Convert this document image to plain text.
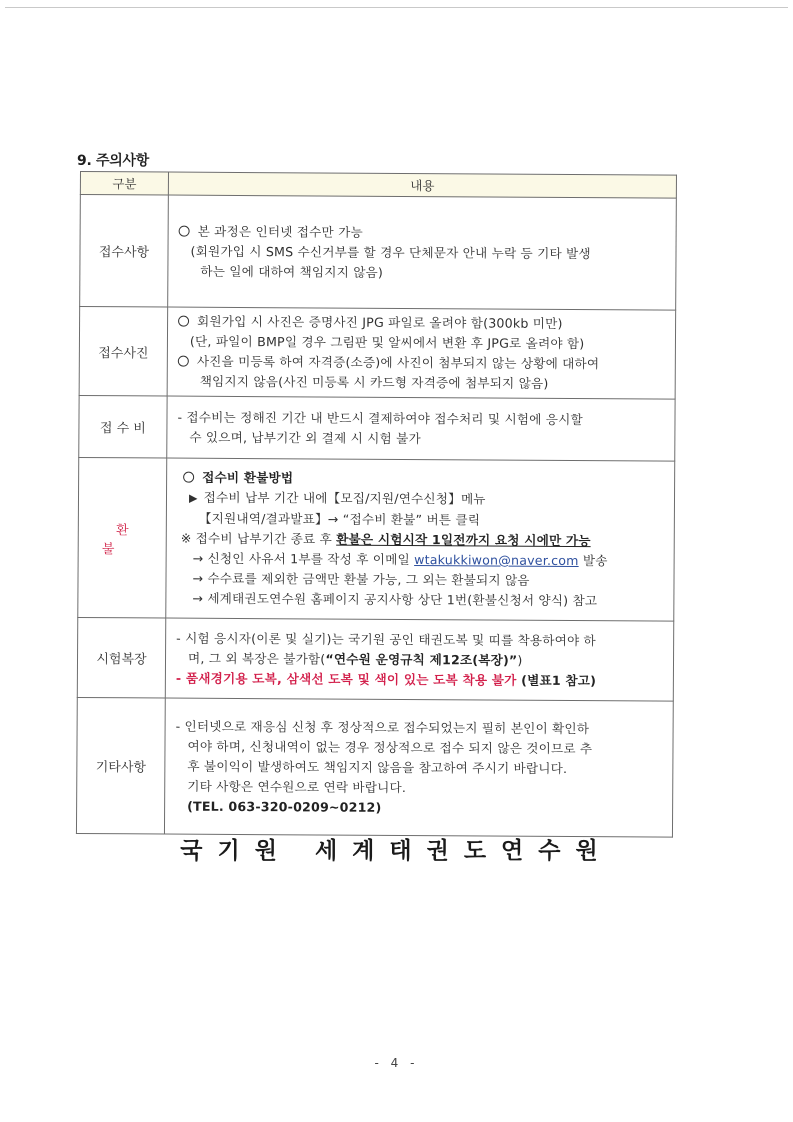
9. 주의사항
구분	내용
접수사항	본 과정은 인터넷 접수만 가능
(회원가입 시 SMS 수신거부를 할 경우 단체문자 안내 누락 등 기타 발생
하는 일에 대하여 책임지지 않음)

접수사진	회원가입 시 사진은 증명사진 JPG 파일로 올려야 함(300kb 미만)
(단, 파일이 BMP일 경우 그림판 및 알씨에서 변환 후 JPG로 올려야 함)
사진을 미등록 하여 자격증(소증)에 사진이 첨부되지 않는 상황에 대하여
책임지지 않음(사진 미등록 시 카드형 자격증에 첨부되지 않음)

접 수 비	- 접수비는 정해진 기간 내 반드시 결제하여야 접수처리 및 시험에 응시할
수 있으며, 납부기간 외 결제 시 시험 불가

환불	
접수비 환불방법
▶ 접수비 납부 기간 내에【모집/지원/연수신청】메뉴
【지원내역/결과발표】→ “접수비 환불” 버튼 클릭
※ 접수비 납부기간 종료 후 환불은 시험시작 1일전까지 요청 시에만 가능
→ 신청인 사유서 1부를 작성 후 이메일 wtakukkiwon@naver.com 발송
→ 수수료를 제외한 금액만 환불 가능, 그 외는 환불되지 않음
→ 세계태권도연수원 홈페이지 공지사항 상단 1번(환불신청서 양식) 참고

시험복장	- 시험 응시자(이론 및 실기)는 국기원 공인 태권도복 및 띠를 착용하여야 하
며, 그 외 복장은 불가함(“연수원 운영규칙 제12조(복장)”)
- 품새경기용 도복, 삼색선 도복 및 색이 있는 도복 착용 불가 (별표1 참고)

기타사항	- 인터넷으로 재응심 신청 후 정상적으로 접수되었는지 필히 본인이 확인하
여야 하며, 신청내역이 없는 경우 정상적으로 접수 되지 않은 것이므로 추
후 불이익이 발생하여도 책임지지 않음을 참고하여 주시기 바랍니다.
기타 사항은 연수원으로 연락 바랍니다.
(TEL. 063-320-0209~0212)
국기원 세계태권도연수원
- 4 -
